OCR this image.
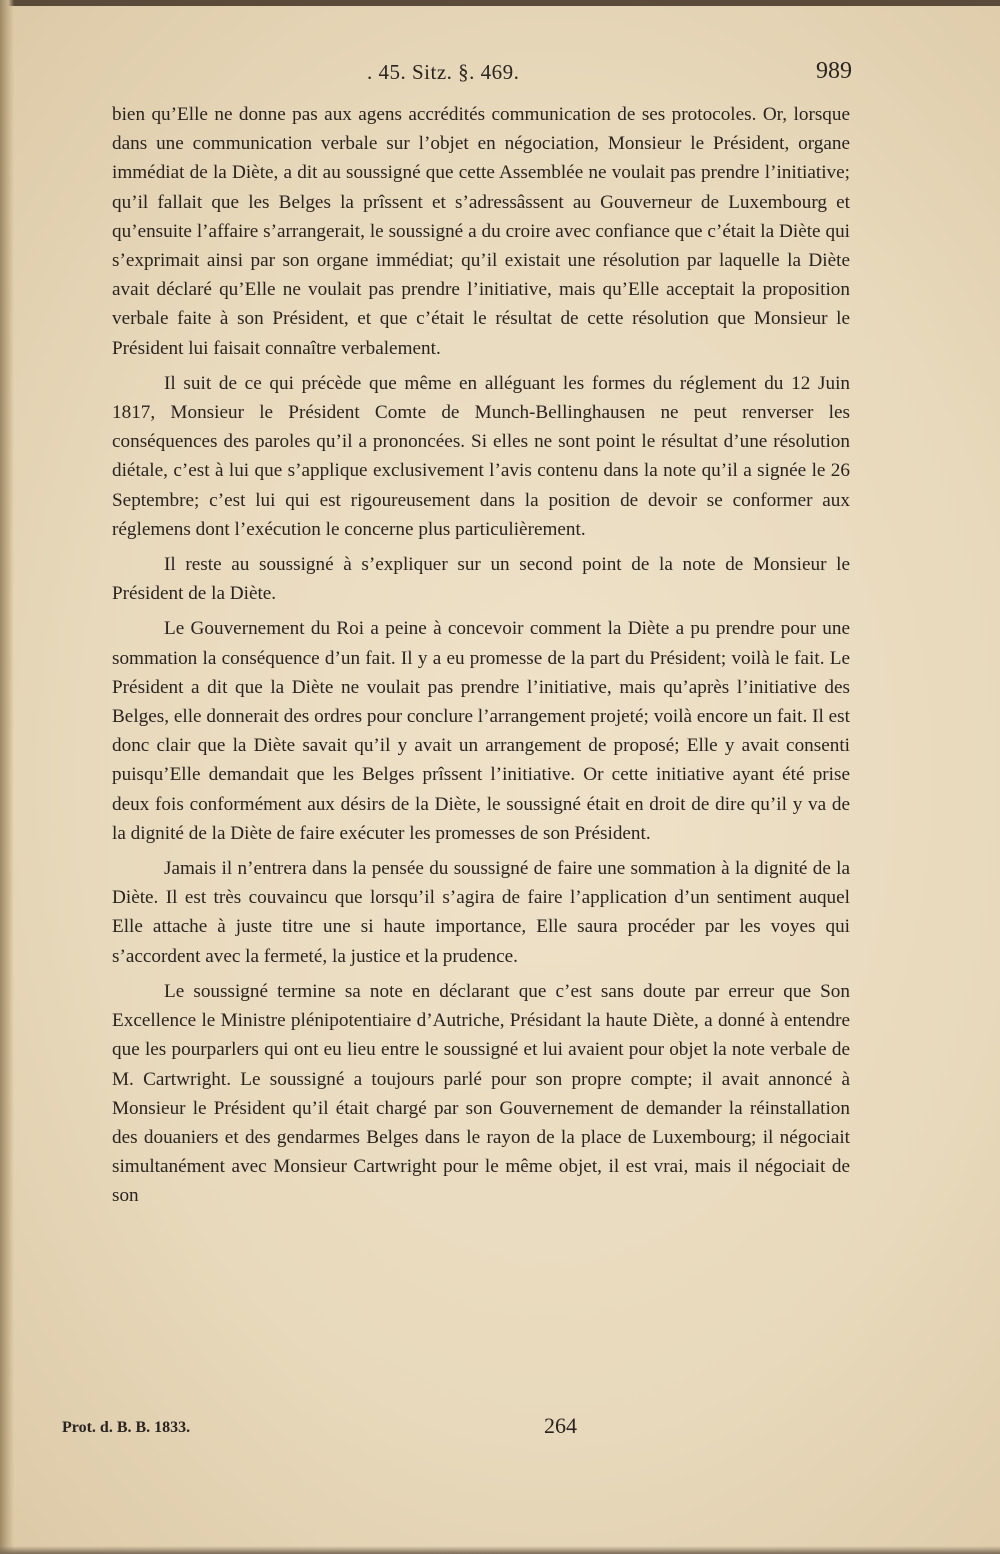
. 45. Sitz. §. 469.	989

bien qu’Elle ne donne pas aux agens accrédités communication de ses protocoles. Or, lorsque dans une communication verbale sur l’objet en négociation, Monsieur le Président, organe immédiat de la Diète, a dit au soussigné que cette Assemblée ne voulait pas prendre l’initiative; qu’il fallait que les Belges la prîssent et s’adressâssent au Gouverneur de Luxembourg et qu’ensuite l’affaire s’arrangerait, le soussigné a du croire avec confiance que c’était la Diète qui s’exprimait ainsi par son organe immédiat; qu’il existait une résolution par laquelle la Diète avait déclaré qu’Elle ne voulait pas prendre l’initiative, mais qu’Elle acceptait la proposition verbale faite à son Président, et que c’était le résultat de cette résolution que Monsieur le Président lui faisait connaître verbalement.

Il suit de ce qui précède que même en alléguant les formes du réglement du 12 Juin 1817, Monsieur le Président Comte de Munch-Bellinghausen ne peut renverser les conséquences des paroles qu’il a prononcées. Si elles ne sont point le résultat d’une résolution diétale, c’est à lui que s’applique exclusivement l’avis contenu dans la note qu’il a signée le 26 Septembre; c’est lui qui est rigoureusement dans la position de devoir se conformer aux réglemens dont l’exécution le concerne plus particulièrement.

Il reste au soussigné à s’expliquer sur un second point de la note de Monsieur le Président de la Diète.

Le Gouvernement du Roi a peine à concevoir comment la Diète a pu prendre pour une sommation la conséquence d’un fait. Il y a eu promesse de la part du Président; voilà le fait. Le Président a dit que la Diète ne voulait pas prendre l’initiative, mais qu’après l’initiative des Belges, elle donnerait des ordres pour conclure l’arrangement projeté; voilà encore un fait. Il est donc clair que la Diète savait qu’il y avait un arrangement de proposé; Elle y avait consenti puisqu’Elle demandait que les Belges prîssent l’initiative. Or cette initiative ayant été prise deux fois conformément aux désirs de la Diète, le soussigné était en droit de dire qu’il y va de la dignité de la Diète de faire exécuter les promesses de son Président.

Jamais il n’entrera dans la pensée du soussigné de faire une sommation à la dignité de la Diète. Il est très couvaincu que lorsqu’il s’agira de faire l’application d’un sentiment auquel Elle attache à juste titre une si haute importance, Elle saura procéder par les voyes qui s’accordent avec la fermeté, la justice et la prudence.

Le soussigné termine sa note en déclarant que c’est sans doute par erreur que Son Excellence le Ministre plénipotentiaire d’Autriche, Présidant la haute Diète, a donné à entendre que les pourparlers qui ont eu lieu entre le soussigné et lui avaient pour objet la note verbale de M. Cartwright. Le soussigné a toujours parlé pour son propre compte; il avait annoncé à Monsieur le Président qu’il était chargé par son Gouvernement de demander la réinstallation des douaniers et des gendarmes Belges dans le rayon de la place de Luxembourg; il négociait simultanément avec Monsieur Cartwright pour le même objet, il est vrai, mais il négociait de son

Prot. d. B. B. 1833.	264
